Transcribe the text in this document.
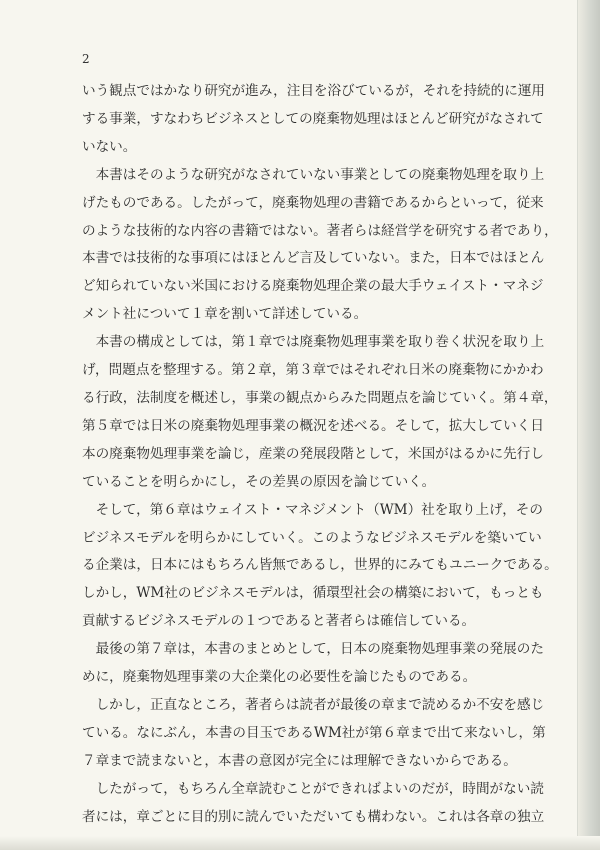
2
いう観点ではかなり研究が進み，注目を浴びているが，それを持続的に運用
する事業，すなわちビジネスとしての廃棄物処理はほとんど研究がなされて
いない。
　本書はそのような研究がなされていない事業としての廃棄物処理を取り上
げたものである。したがって，廃棄物処理の書籍であるからといって，従来
のような技術的な内容の書籍ではない。著者らは経営学を研究する者であり，
本書では技術的な事項にはほとんど言及していない。また，日本ではほとん
ど知られていない米国における廃棄物処理企業の最大手ウェイスト・マネジ
メント社について１章を割いて詳述している。
　本書の構成としては，第１章では廃棄物処理事業を取り巻く状況を取り上
げ，問題点を整理する。第２章，第３章ではそれぞれ日米の廃棄物にかかわ
る行政，法制度を概述し，事業の観点からみた問題点を論じていく。第４章，
第５章では日米の廃棄物処理事業の概況を述べる。そして，拡大していく日
本の廃棄物処理事業を論じ，産業の発展段階として，米国がはるかに先行し
ていることを明らかにし，その差異の原因を論じていく。
　そして，第６章はウェイスト・マネジメント（WM）社を取り上げ，その
ビジネスモデルを明らかにしていく。このようなビジネスモデルを築いてい
る企業は，日本にはもちろん皆無であるし，世界的にみてもユニークである。
しかし，WM社のビジネスモデルは，循環型社会の構築において，もっとも
貢献するビジネスモデルの１つであると著者らは確信している。
　最後の第７章は，本書のまとめとして，日本の廃棄物処理事業の発展のた
めに，廃棄物処理事業の大企業化の必要性を論じたものである。
　しかし，正直なところ，著者らは読者が最後の章まで読めるか不安を感じ
ている。なにぶん，本書の目玉であるWM社が第６章まで出て来ないし，第
７章まで読まないと，本書の意図が完全には理解できないからである。
　したがって，もちろん全章読むことができればよいのだが，時間がない読
者には，章ごとに目的別に読んでいただいても構わない。これは各章の独立
